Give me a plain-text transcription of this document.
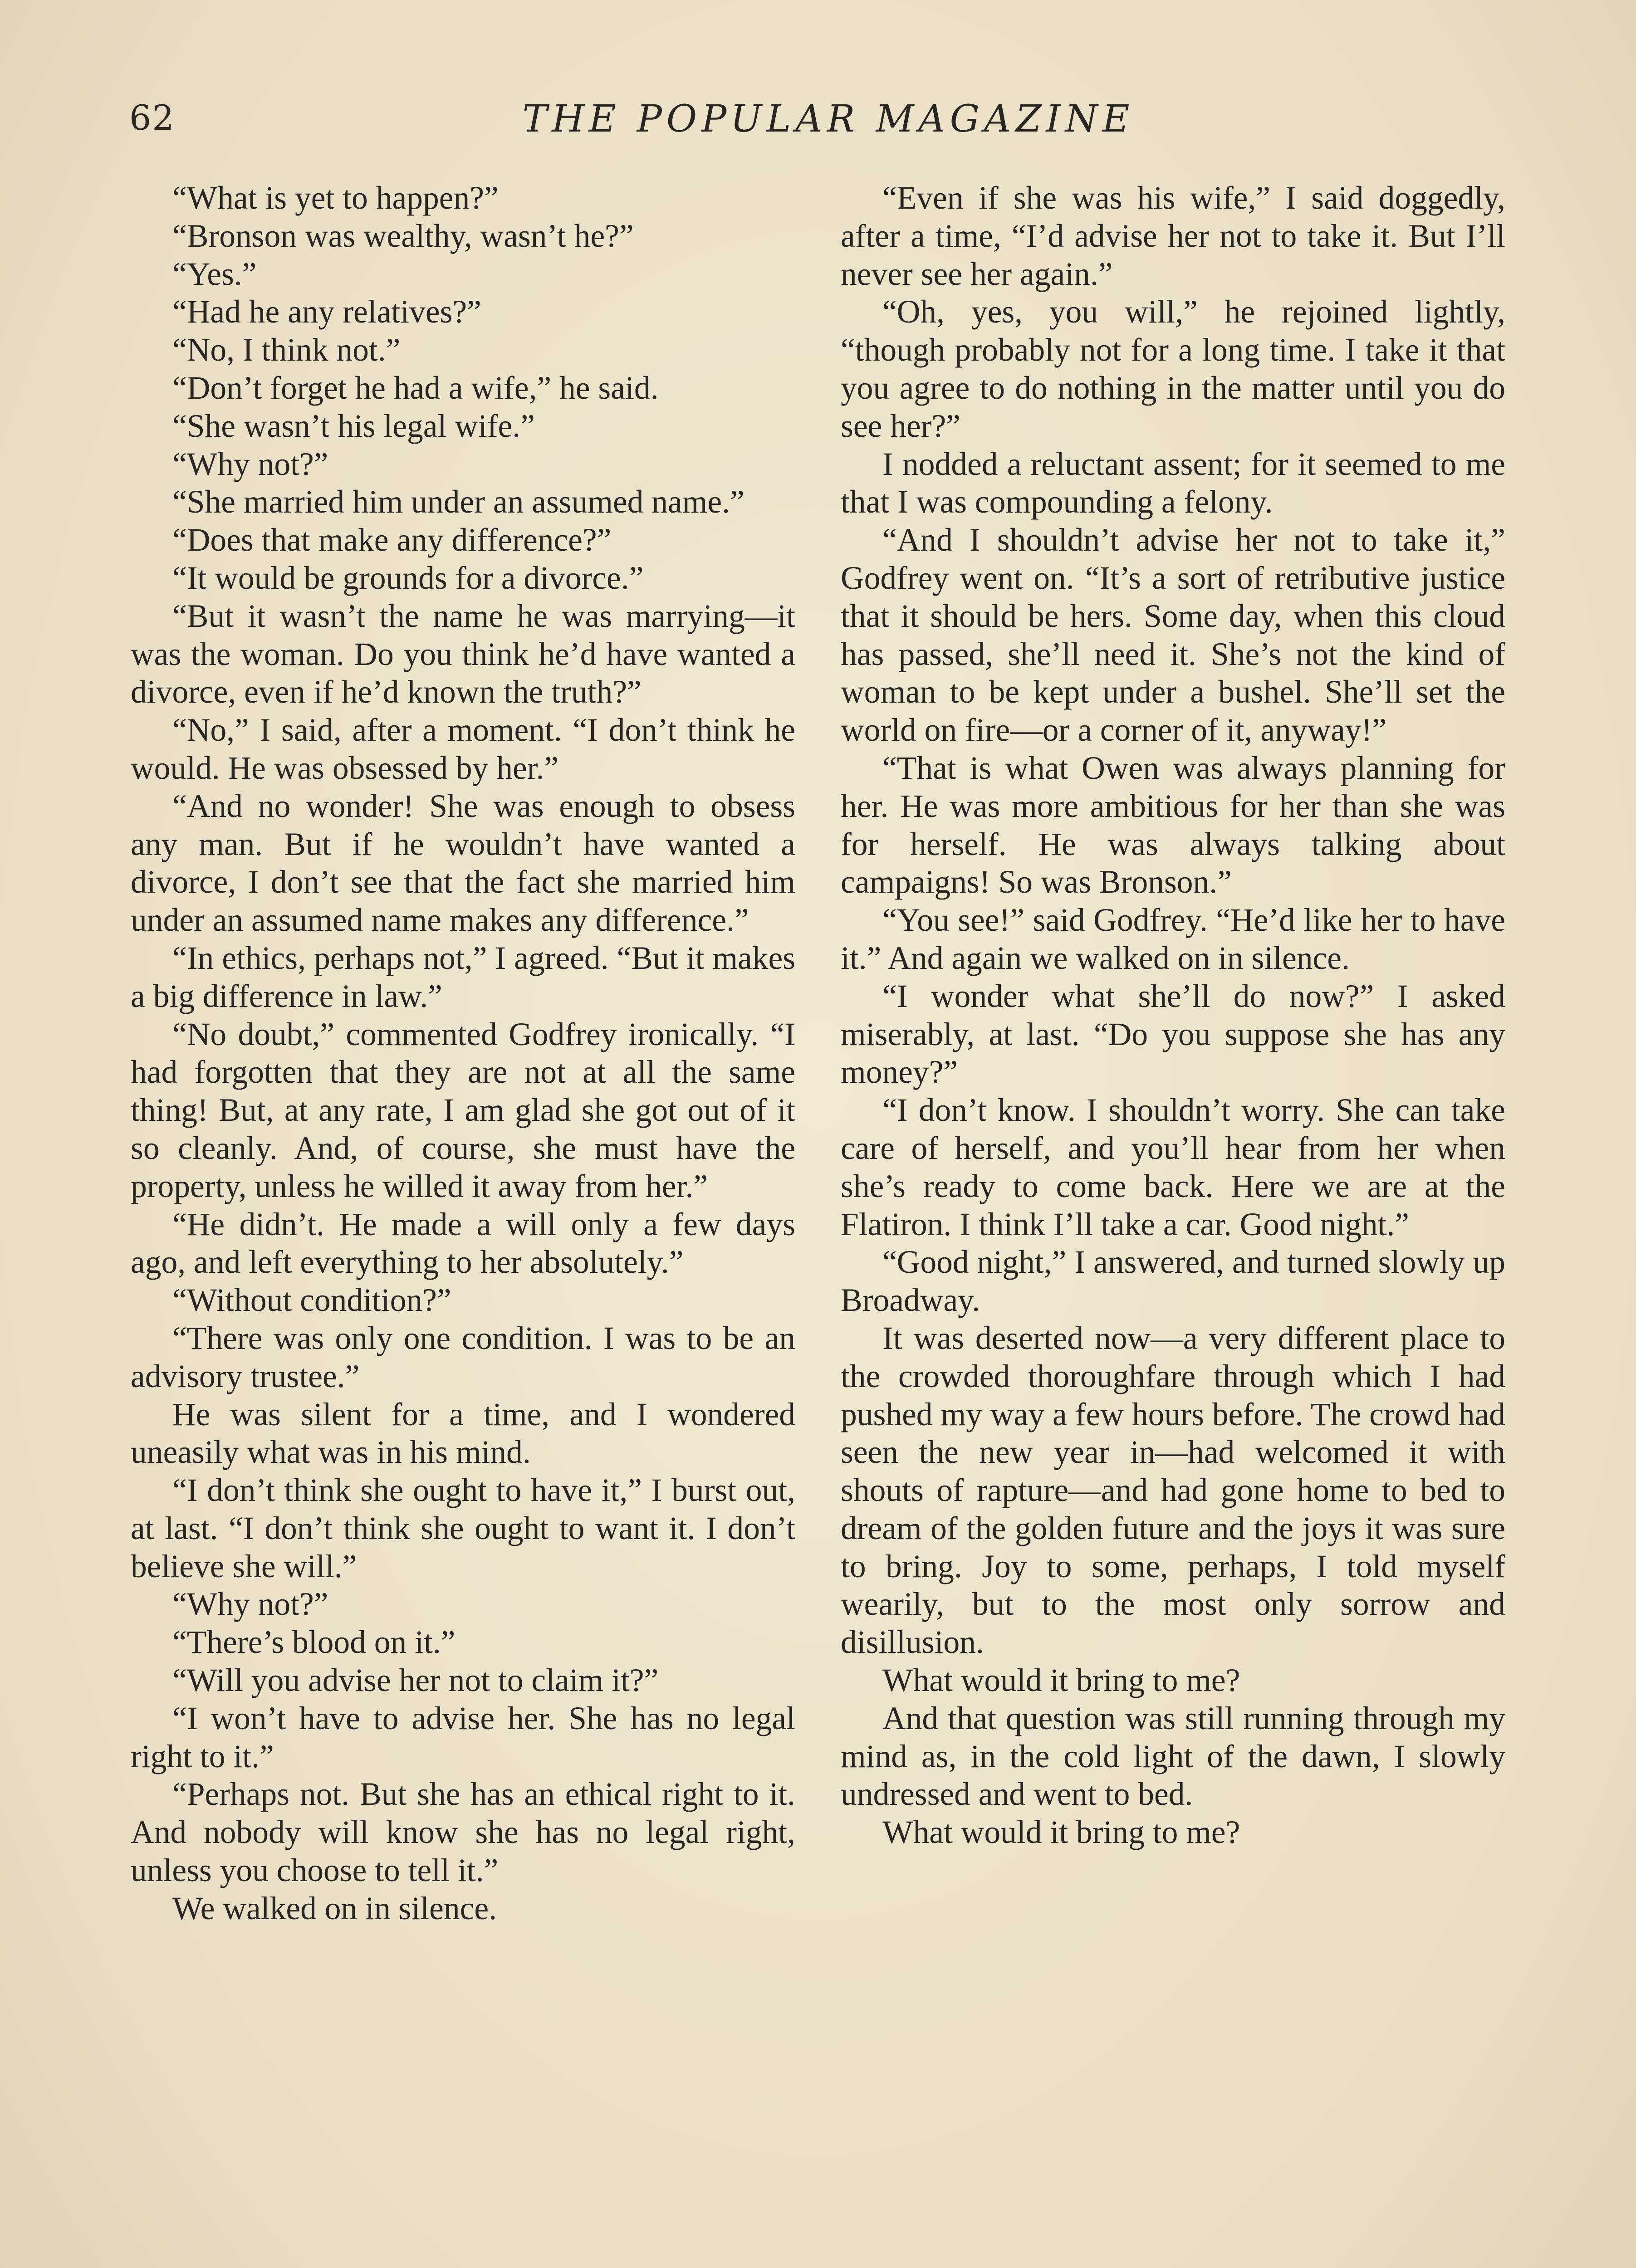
62	THE POPULAR MAGAZINE

“What is yet to happen?”

“Bronson was wealthy, wasn’t he?”

“Yes.”

“Had he any relatives?”

“No, I think not.”

“Don’t forget he had a wife,” he said.

“She wasn’t his legal wife.”

“Why not?”

“She married him under an assumed name.”

“Does that make any difference?”

“It would be grounds for a divorce.”

“But it wasn’t the name he was marrying—it was the woman. Do you think he’d have wanted a divorce, even if he’d known the truth?”

“No,” I said, after a moment. “I don’t think he would. He was obsessed by her.”

“And no wonder! She was enough to obsess any man. But if he wouldn’t have wanted a divorce, I don’t see that the fact she married him under an assumed name makes any difference.”

“In ethics, perhaps not,” I agreed. “But it makes a big difference in law.”

“No doubt,” commented Godfrey ironically. “I had forgotten that they are not at all the same thing! But, at any rate, I am glad she got out of it so cleanly. And, of course, she must have the property, unless he willed it away from her.”

“He didn’t. He made a will only a few days ago, and left everything to her absolutely.”

“Without condition?”

“There was only one condition. I was to be an advisory trustee.”

He was silent for a time, and I wondered uneasily what was in his mind.

“I don’t think she ought to have it,” I burst out, at last. “I don’t think she ought to want it. I don’t believe she will.”

“Why not?”

“There’s blood on it.”

“Will you advise her not to claim it?”

“I won’t have to advise her. She has no legal right to it.”

“Perhaps not. But she has an ethical right to it. And nobody will know she has no legal right, unless you choose to tell it.”

We walked on in silence.

“Even if she was his wife,” I said doggedly, after a time, “I’d advise her not to take it. But I’ll never see her again.”

“Oh, yes, you will,” he rejoined lightly, “though probably not for a long time. I take it that you agree to do nothing in the matter until you do see her?”

I nodded a reluctant assent; for it seemed to me that I was compounding a felony.

“And I shouldn’t advise her not to take it,” Godfrey went on. “It’s a sort of retributive justice that it should be hers. Some day, when this cloud has passed, she’ll need it. She’s not the kind of woman to be kept under a bushel. She’ll set the world on fire—or a corner of it, anyway!”

“That is what Owen was always planning for her. He was more ambitious for her than she was for herself. He was always talking about campaigns! So was Bronson.”

“You see!” said Godfrey. “He’d like her to have it.” And again we walked on in silence.

“I wonder what she’ll do now?” I asked miserably, at last. “Do you suppose she has any money?”

“I don’t know. I shouldn’t worry. She can take care of herself, and you’ll hear from her when she’s ready to come back. Here we are at the Flatiron. I think I’ll take a car. Good night.”

“Good night,” I answered, and turned slowly up Broadway.

It was deserted now—a very different place to the crowded thoroughfare through which I had pushed my way a few hours before. The crowd had seen the new year in—had welcomed it with shouts of rapture—and had gone home to bed to dream of the golden future and the joys it was sure to bring. Joy to some, perhaps, I told myself wearily, but to the most only sorrow and disillusion.

What would it bring to me?

And that question was still running through my mind as, in the cold light of the dawn, I slowly undressed and went to bed.

What would it bring to me?
